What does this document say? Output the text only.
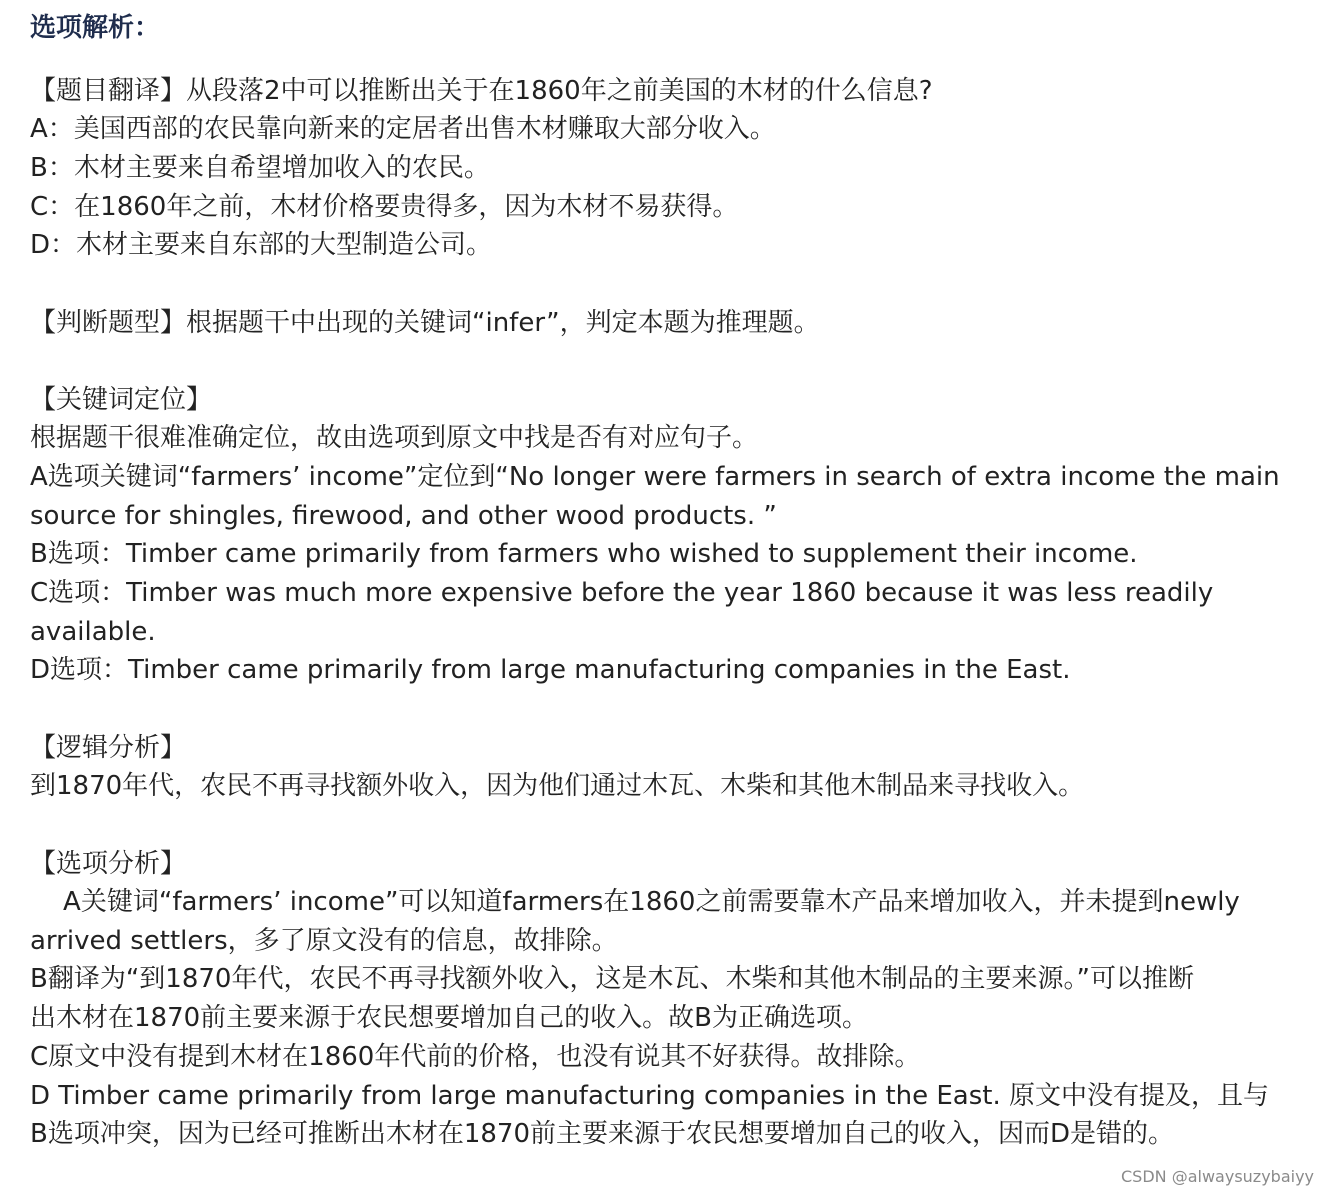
选项解析：
【题目翻译】从段落2中可以推断出关于在1860年之前美国的木材的什么信息?
A：美国西部的农民靠向新来的定居者出售木材赚取大部分收入。
B：木材主要来自希望增加收入的农民。
C：在1860年之前，木材价格要贵得多，因为木材不易获得。
D：木材主要来自东部的大型制造公司。
【判断题型】根据题干中出现的关键词“infer”，判定本题为推理题。
【关键词定位】
根据题干很难准确定位，故由选项到原文中找是否有对应句子。
A选项关键词“farmers’ income”定位到“No longer were farmers in search of extra income the main
source for shingles, firewood, and other wood products. ”
B选项：Timber came primarily from farmers who wished to supplement their income.
C选项：Timber was much more expensive before the year 1860 because it was less readily
available.
D选项：Timber came primarily from large manufacturing companies in the East.
【逻辑分析】
到1870年代，农民不再寻找额外收入，因为他们通过木瓦、木柴和其他木制品来寻找收入。
【选项分析】
A关键词“farmers’ income”可以知道farmers在1860之前需要靠木产品来增加收入，并未提到newly
arrived settlers，多了原文没有的信息，故排除。
B翻译为“到1870年代，农民不再寻找额外收入，这是木瓦、木柴和其他木制品的主要来源。”可以推断
出木材在1870前主要来源于农民想要增加自己的收入。故B为正确选项。
C原文中没有提到木材在1860年代前的价格，也没有说其不好获得。故排除。
D Timber came primarily from large manufacturing companies in the East. 原文中没有提及，且与
B选项冲突，因为已经可推断出木材在1870前主要来源于农民想要增加自己的收入，因而D是错的。
CSDN @alwaysuzybaiyy
